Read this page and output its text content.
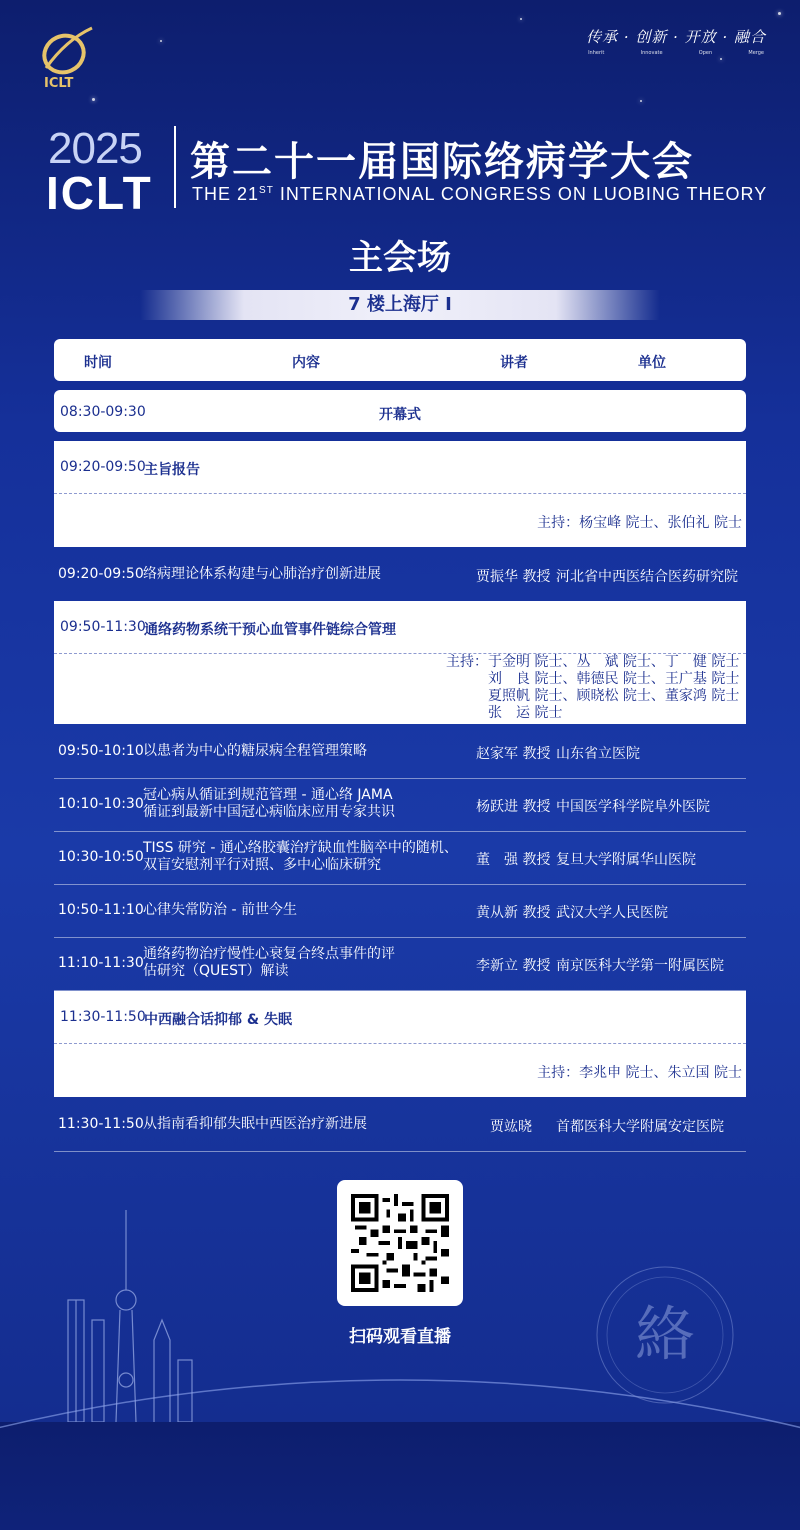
ICLT
传承 · 创新 · 开放 · 融合
Inherit	Innovate	Open	Merge
2025
ICLT
第二十一届国际络病学大会
THE 21ST INTERNATIONAL CONGRESS ON LUOBING THEORY
主会场
7 楼上海厅 I
时间	内容	讲者	单位
08:30-09:30	开幕式
09:20-09:50
主旨报告
主持：杨宝峰 院士、张伯礼 院士
09:20-09:50 络病理论体系构建与心肺治疗创新进展	贾振华 教授 河北省中西医结合医药研究院
09:50-11:30
通络药物系统干预心血管事件链综合管理
主持：于金明 院士、丛　斌 院士、丁　健 院士
刘　良 院士、韩德民 院士、王广基 院士
夏照帆 院士、顾晓松 院士、董家鸿 院士
张　运 院士
09:50-10:10 以患者为中心的糖尿病全程管理策略	赵家军 教授 山东省立医院
10:10-10:30
冠心病从循证到规范管理 - 通心络 JAMA
循证到最新中国冠心病临床应用专家共识	杨跃进 教授 中国医学科学院阜外医院
10:30-10:50
TISS 研究 - 通心络胶囊治疗缺血性脑卒中的随机、
双盲安慰剂平行对照、多中心临床研究	董　强 教授 复旦大学附属华山医院
10:50-11:10 心律失常防治 - 前世今生	黄从新 教授 武汉大学人民医院
11:10-11:30
通络药物治疗慢性心衰复合终点事件的评
估研究（QUEST）解读	李新立 教授 南京医科大学第一附属医院
11:30-11:50
中西融合话抑郁 & 失眠
主持：李兆申 院士、朱立国 院士
11:30-11:50 从指南看抑郁失眠中西医治疗新进展	贾竑晓 首都医科大学附属安定医院
絡
扫码观看直播
